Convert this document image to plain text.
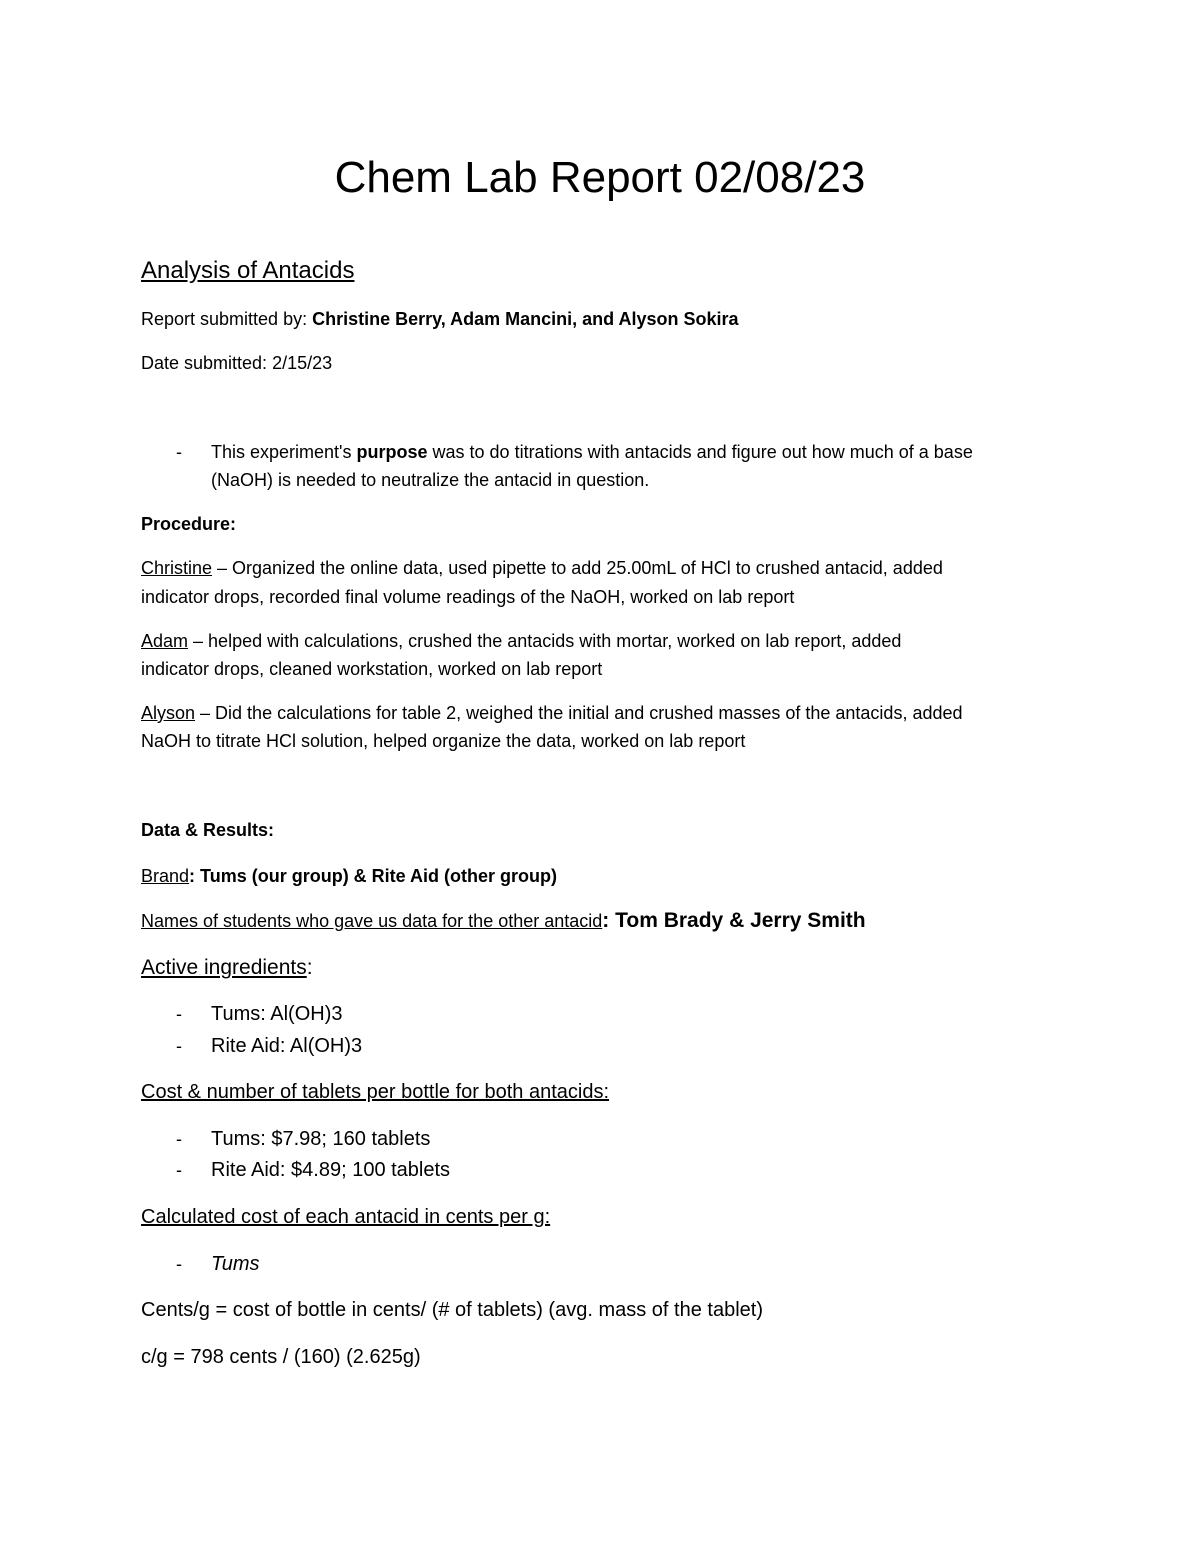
Chem Lab Report 02/08/23
Analysis of Antacids
Report submitted by: Christine Berry, Adam Mancini, and Alyson Sokira
Date submitted: 2/15/23
- This experiment's purpose was to do titrations with antacids and figure out how much of a base
(NaOH) is needed to neutralize the antacid in question.
Procedure:
Christine – Organized the online data, used pipette to add 25.00mL of HCl to crushed antacid, added
indicator drops, recorded final volume readings of the NaOH, worked on lab report
Adam – helped with calculations, crushed the antacids with mortar, worked on lab report, added
indicator drops, cleaned workstation, worked on lab report
Alyson – Did the calculations for table 2, weighed the initial and crushed masses of the antacids, added
NaOH to titrate HCl solution, helped organize the data, worked on lab report
Data & Results:
Brand: Tums (our group) & Rite Aid (other group)
Names of students who gave us data for the other antacid: Tom Brady & Jerry Smith
Active ingredients:
- Tums: Al(OH)3
- Rite Aid: Al(OH)3
Cost & number of tablets per bottle for both antacids:
- Tums: $7.98; 160 tablets
- Rite Aid: $4.89; 100 tablets
Calculated cost of each antacid in cents per g:
- Tums
Cents/g = cost of bottle in cents/ (# of tablets) (avg. mass of the tablet)
c/g = 798 cents / (160) (2.625g)
